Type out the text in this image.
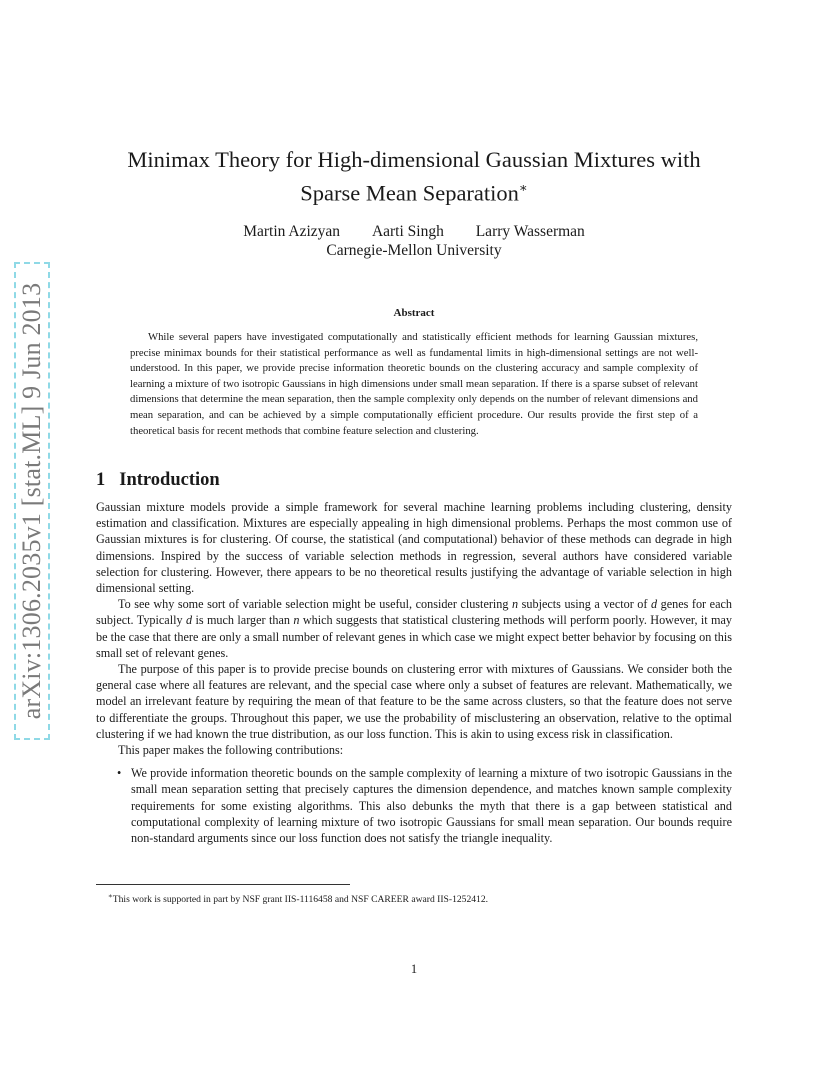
arXiv:1306.2035v1 [stat.ML] 9 Jun 2013
Minimax Theory for High-dimensional Gaussian Mixtures with
Sparse Mean Separation∗
Martin Azizyan Aarti Singh Larry Wasserman
Carnegie-Mellon University
Abstract

While several papers have investigated computationally and statistically efficient methods for learning Gaussian mixtures, precise minimax bounds for their statistical performance as well as fundamental limits in high-dimensional settings are not well-understood. In this paper, we provide precise information theoretic bounds on the clustering accuracy and sample complexity of learning a mixture of two isotropic Gaussians in high dimensions under small mean separation. If there is a sparse subset of relevant dimensions that determine the mean separation, then the sample complexity only depends on the number of relevant dimensions and mean separation, and can be achieved by a simple computationally efficient procedure. Our results provide the first step of a theoretical basis for recent methods that combine feature selection and clustering.

1 Introduction

Gaussian mixture models provide a simple framework for several machine learning problems including clustering, density estimation and classification. Mixtures are especially appealing in high dimensional problems. Perhaps the most common use of Gaussian mixtures is for clustering. Of course, the statistical (and computational) behavior of these methods can degrade in high dimensions. Inspired by the success of variable selection methods in regression, several authors have considered variable selection for clustering. However, there appears to be no theoretical results justifying the advantage of variable selection in high dimensional setting.

To see why some sort of variable selection might be useful, consider clustering n subjects using a vector of d genes for each subject. Typically d is much larger than n which suggests that statistical clustering methods will perform poorly. However, it may be the case that there are only a small number of relevant genes in which case we might expect better behavior by focusing on this small set of relevant genes.

The purpose of this paper is to provide precise bounds on clustering error with mixtures of Gaussians. We consider both the general case where all features are relevant, and the special case where only a subset of features are relevant. Mathematically, we model an irrelevant feature by requiring the mean of that feature to be the same across clusters, so that the feature does not serve to differentiate the groups. Throughout this paper, we use the probability of misclustering an observation, relative to the optimal clustering if we had known the true distribution, as our loss function. This is akin to using excess risk in classification.

This paper makes the following contributions:

• We provide information theoretic bounds on the sample complexity of learning a mixture of two isotropic Gaussians in the small mean separation setting that precisely captures the dimension dependence, and matches known sample complexity requirements for some existing algorithms. This also debunks the myth that there is a gap between statistical and computational complexity of learning mixture of two isotropic Gaussians for small mean separation. Our bounds require non-standard arguments since our loss function does not satisfy the triangle inequality.
∗This work is supported in part by NSF grant IIS-1116458 and NSF CAREER award IIS-1252412.
1
